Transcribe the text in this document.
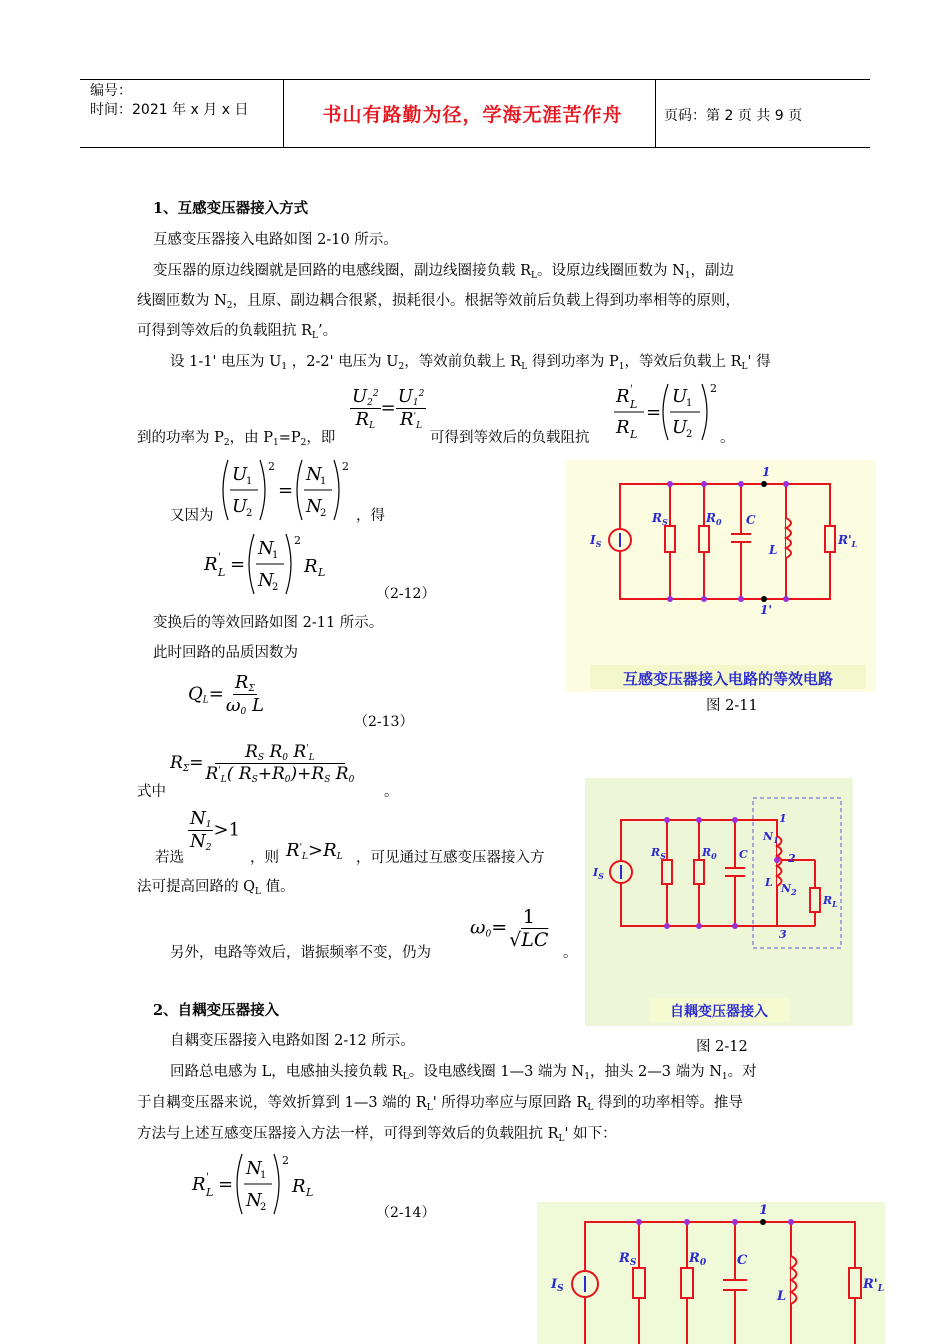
编号：
时间：2021 年 x 月 x 日	书山有路勤为径，学海无涯苦作舟	页码：第 2 页 共 9 页
1、互感变压器接入方式
互感变压器接入电路如图 2-10 所示。
变压器的原边线圈就是回路的电感线圈，副边线圈接负载 $R_L$。设原边线圈匝数为 $N_1$，副边
线圈匝数为 $N_2$，且原、副边耦合很紧，损耗很小。根据等效前后负载上得到功率相等的原则，
可得到等效后的负载阻抗 $R_L$’。
设 1-1' 电压为 $U_1$ ，2-2' 电压为 $U_2$，等效前负载上 $R_L$ 得到功率为 $P_1$，等效后负载上 $R_L'$ 得
到的功率为 $P_2$，由 $P_1=P_2$，即
$\frac{U_2^2}{R_L} = \frac{U_1^2}{R'_L}$
可得到等效后的负载阻抗
R '
L
R L
=
U
1
U
2
2
。
又因为
U
1
U
2
2
=
N
1
N
2
2
，得
R '
L =
N
1
N
2
2
R L
（2-12）
变换后的等效回路如图 2-11 所示。
此时回路的品质因数为
$Q_L= \frac{R_\Sigma}{\omega_0 L}$
（2-13）
式中
$R_\Sigma= \frac{R_S R_0 R'_L}{R'_L( R_S+R_0)+R_S R_0}$
。
若选
$\frac{N_1}{N_2} >1$
，则 $R'_L>R_L$ ，可见通过互感变压器接入方
法可提高回路的 $Q_L$ 值。
另外，电路等效后，谐振频率不变，仍为
$\omega_0= \frac{1}{√LC}$
。
2、自耦变压器接入
自耦变压器接入电路如图 2-12 所示。
回路总电感为 L，电感抽头接负载 $R_L$。设电感线圈 1—3 端为 $N_1$，抽头 2—3 端为 $N_1$。对
于自耦变压器来说，等效折算到 1—3 端的 $R_L'$ 所得功率应与原回路 $R_L$ 得到的功率相等。推导
方法与上述互感变压器接入方法一样，可得到等效后的负载阻抗 $R_L'$ 如下：
R '
L =
N
1
N
2
2
R L
（2-14）
$I_S$
$R_S$	$R_0$ C
L
$R'_L$
1
1'
互感变压器接入电路的等效电路
图 2-11
$I_S$
$R_S$	$R_0$ C
$N_1$
L $N_2$
$R_L$
1
2
3
自耦变压器接入
图 2-12
$I_S$
$R_S$	$R_0$ C
L
$R'_L$
1
